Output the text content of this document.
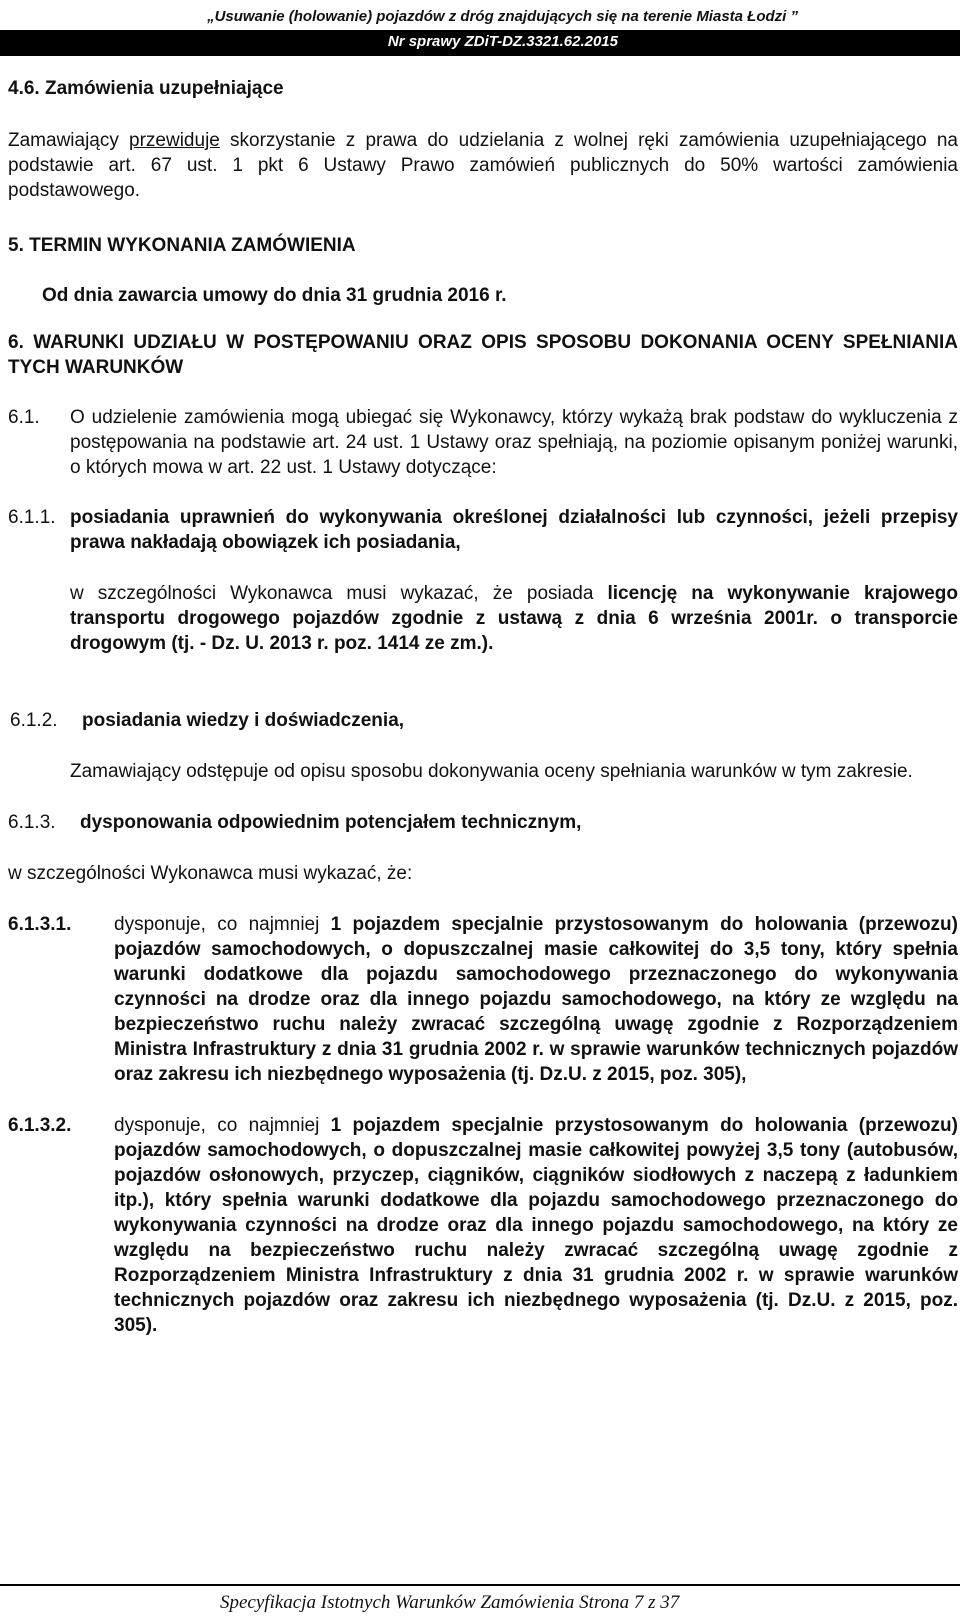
„Usuwanie (holowanie) pojazdów z dróg znajdujących się na terenie Miasta Łodzi ”
Nr sprawy ZDiT-DZ.3321.62.2015

4.6. Zamówienia uzupełniające

Zamawiający przewiduje skorzystanie z prawa do udzielania z wolnej ręki zamówienia uzupełniającego na podstawie art. 67 ust. 1 pkt 6 Ustawy Prawo zamówień publicznych do 50% wartości zamówienia podstawowego.

5. TERMIN WYKONANIA ZAMÓWIENIA

Od dnia zawarcia umowy do dnia 31 grudnia 2016 r.

6. WARUNKI UDZIAŁU W POSTĘPOWANIU ORAZ OPIS SPOSOBU DOKONANIA OCENY SPEŁNIANIA TYCH WARUNKÓW

6.1.	O udzielenie zamówienia mogą ubiegać się Wykonawcy, którzy wykażą brak podstaw do wykluczenia z postępowania na podstawie art. 24 ust. 1 Ustawy oraz spełniają, na poziomie opisanym poniżej warunki, o których mowa w art. 22 ust. 1 Ustawy dotyczące:
6.1.1. posiadania uprawnień do wykonywania określonej działalności lub czynności, jeżeli przepisy prawa nakładają obowiązek ich posiadania,

w szczególności Wykonawca musi wykazać, że posiada licencję na wykonywanie krajowego transportu drogowego pojazdów zgodnie z ustawą z dnia 6 września 2001r. o transporcie drogowym (tj. - Dz. U. 2013 r. poz. 1414 ze zm.).

6.1.2.	posiadania wiedzy i doświadczenia,

Zamawiający odstępuje od opisu sposobu dokonywania oceny spełniania warunków w tym zakresie.

6.1.3.	dysponowania odpowiednim potencjałem technicznym,

w szczególności Wykonawca musi wykazać, że:

6.1.3.1.	dysponuje, co najmniej 1 pojazdem specjalnie przystosowanym do holowania (przewozu) pojazdów samochodowych, o dopuszczalnej masie całkowitej do 3,5 tony, który spełnia warunki dodatkowe dla pojazdu samochodowego przeznaczonego do wykonywania czynności na drodze oraz dla innego pojazdu samochodowego, na który ze względu na bezpieczeństwo ruchu należy zwracać szczególną uwagę zgodnie z Rozporządzeniem Ministra Infrastruktury z dnia 31 grudnia 2002 r. w sprawie warunków technicznych pojazdów oraz zakresu ich niezbędnego wyposażenia (tj. Dz.U. z 2015, poz. 305),
6.1.3.2.	dysponuje, co najmniej 1 pojazdem specjalnie przystosowanym do holowania (przewozu) pojazdów samochodowych, o dopuszczalnej masie całkowitej powyżej 3,5 tony (autobusów, pojazdów osłonowych, przyczep, ciągników, ciągników siodłowych z naczepą z ładunkiem itp.), który spełnia warunki dodatkowe dla pojazdu samochodowego przeznaczonego do wykonywania czynności na drodze oraz dla innego pojazdu samochodowego, na który ze względu na bezpieczeństwo ruchu należy zwracać szczególną uwagę zgodnie z Rozporządzeniem Ministra Infrastruktury z dnia 31 grudnia 2002 r. w sprawie warunków technicznych pojazdów oraz zakresu ich niezbędnego wyposażenia (tj. Dz.U. z 2015, poz. 305).
Specyfikacja Istotnych Warunków Zamówienia Strona 7 z 37
